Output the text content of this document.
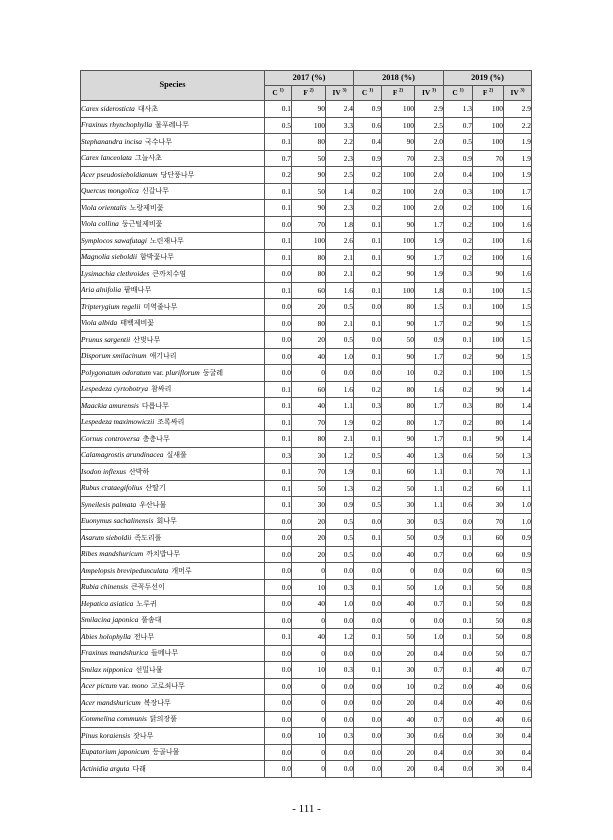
Species	2017 (%)			2018 (%)			2019 (%)		
	C $^{1)}$	F $^{2)}$	IV $^{3)}$	C $^{1)}$	F $^{2)}$	IV $^{3)}$	C $^{1)}$	F $^{2)}$	IV $^{3)}$
Carex siderosticta 대사초	0.1	90	2.4	0.9	100	2.9	1.3	100	2.9
Fraxinus rhynchophylla 물푸레나무	0.5	100	3.3	0.6	100	2.5	0.7	100	2.2
Stephanandra incisa 국수나무	0.1	80	2.2	0.4	90	2.0	0.5	100	1.9
Carex lanceolata 그늘사초	0.7	50	2.3	0.9	70	2.3	0.9	70	1.9
Acer pseudosieboldianum 당단풍나무	0.2	90	2.5	0.2	100	2.0	0.4	100	1.9
Quercus mongolica 신갈나무	0.1	50	1.4	0.2	100	2.0	0.3	100	1.7
Viola orientalis 노랑제비꽃	0.1	90	2.3	0.2	100	2.0	0.2	100	1.6
Viola collina 둥근털제비꽃	0.0	70	1.8	0.1	90	1.7	0.2	100	1.6
Symplocos sawafutagi 노린재나무	0.1	100	2.6	0.1	100	1.9	0.2	100	1.6
Magnolia sieboldii 함박꽃나무	0.1	80	2.1	0.1	90	1.7	0.2	100	1.6
Lysimachia clethroides 큰까치수염	0.0	80	2.1	0.2	90	1.9	0.3	90	1.6
Aria alnifolia 팥배나무	0.1	60	1.6	0.1	100	1.8	0.1	100	1.5
Tripterygium regelii 미역줄나무	0.0	20	0.5	0.0	80	1.5	0.1	100	1.5
Viola albida 태백제비꽃	0.0	80	2.1	0.1	90	1.7	0.2	90	1.5
Prunus sargentii 산벚나무	0.0	20	0.5	0.0	50	0.9	0.1	100	1.5
Disporum smilacinum 애기나리	0.0	40	1.0	0.1	90	1.7	0.2	90	1.5
Polygonatum odoratum var. pluriflorum 둥굴레	0.0	0	0.0	0.0	10	0.2	0.1	100	1.5
Lespedeza cyrtobotrya 참싸리	0.1	60	1.6	0.2	80	1.6	0.2	90	1.4
Maackia amurensis 다릅나무	0.1	40	1.1	0.3	80	1.7	0.3	80	1.4
Lespedeza maximowiczii 조록싸리	0.1	70	1.9	0.2	80	1.7	0.2	80	1.4
Cornus controversa 층층나무	0.1	80	2.1	0.1	90	1.7	0.1	90	1.4
Calamagrostis arundinacea 실새풀	0.3	30	1.2	0.5	40	1.3	0.6	50	1.3
Isodon inflexus 산박하	0.1	70	1.9	0.1	60	1.1	0.1	70	1.1
Rubus crataegifolius 산딸기	0.1	50	1.3	0.2	50	1.1	0.2	60	1.1
Syneilesis palmata 우산나물	0.1	30	0.9	0.5	30	1.1	0.6	30	1.0
Euonymus sachalinensis 회나무	0.0	20	0.5	0.0	30	0.5	0.0	70	1.0
Asarum sieboldii 족도리풀	0.0	20	0.5	0.1	50	0.9	0.1	60	0.9
Ribes mandshuricum 까치밥나무	0.0	20	0.5	0.0	40	0.7	0.0	60	0.9
Ampelopsis brevipedunculata 개머루	0.0	0	0.0	0.0	0	0.0	0.0	60	0.9
Rubia chinensis 큰꼭두선이	0.0	10	0.3	0.1	50	1.0	0.1	50	0.8
Hepatica asiatica 노루귀	0.0	40	1.0	0.0	40	0.7	0.1	50	0.8
Smilacina japonica 풀솜대	0.0	0	0.0	0.0	0	0.0	0.1	50	0.8
Abies holophylla 전나무	0.1	40	1.2	0.1	50	1.0	0.1	50	0.8
Fraxinus mandshurica 들메나무	0.0	0	0.0	0.0	20	0.4	0.0	50	0.7
Smilax nipponica 선밀나물	0.0	10	0.3	0.1	30	0.7	0.1	40	0.7
Acer pictum var. mono 고로쇠나무	0.0	0	0.0	0.0	10	0.2	0.0	40	0.6
Acer mandshuricum 복장나무	0.0	0	0.0	0.0	20	0.4	0.0	40	0.6
Commelina communis 닭의장풀	0.0	0	0.0	0.0	40	0.7	0.0	40	0.6
Pinus koraiensis 잣나무	0.0	10	0.3	0.0	30	0.6	0.0	30	0.4
Eupatorium japonicum 등골나물	0.0	0	0.0	0.0	20	0.4	0.0	30	0.4
Actinidia arguta 다래	0.0	0	0.0	0.0	20	0.4	0.0	30	0.4
- 111 -
